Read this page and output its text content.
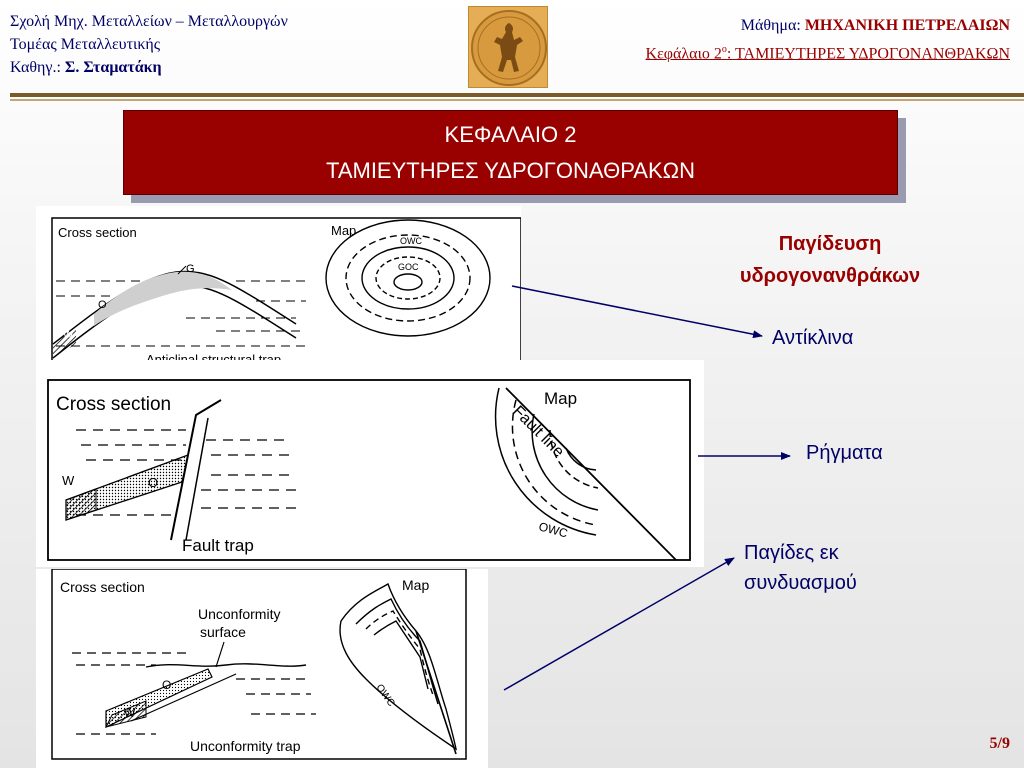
Σχολή Μηχ. Μεταλλείων – Μεταλλουργών
Τομέας Μεταλλευτικής
Καθηγ.: Σ. Σταματάκη
Μάθημα: ΜΗΧΑΝΙΚΗ ΠΕΤΡΕΛΑΙΩΝ
Κεφάλαιο $2^o$: ΤΑΜΙΕΥΤΗΡΕΣ ΥΔΡΟΓΟΝΑΝΘΡΑΚΩΝ
ΚΕΦΑΛΑΙΟ 2
ΤΑΜΙΕΥΤΗΡΕΣ ΥΔΡΟΓΟΝΑΘΡΑΚΩΝ
Cross section	Map
G
O
W
OWC
GOC
Cross section	Map
W	O
Fault trap
Fault line
OWC
Cross section	Map
Unconformity
surface
O
W
Unconformity trap
OWC
Παγίδευση υδρογονανθράκων
Αντίκλινα
Ρήγματα
Παγίδες εκ συνδυασμού
5/9
